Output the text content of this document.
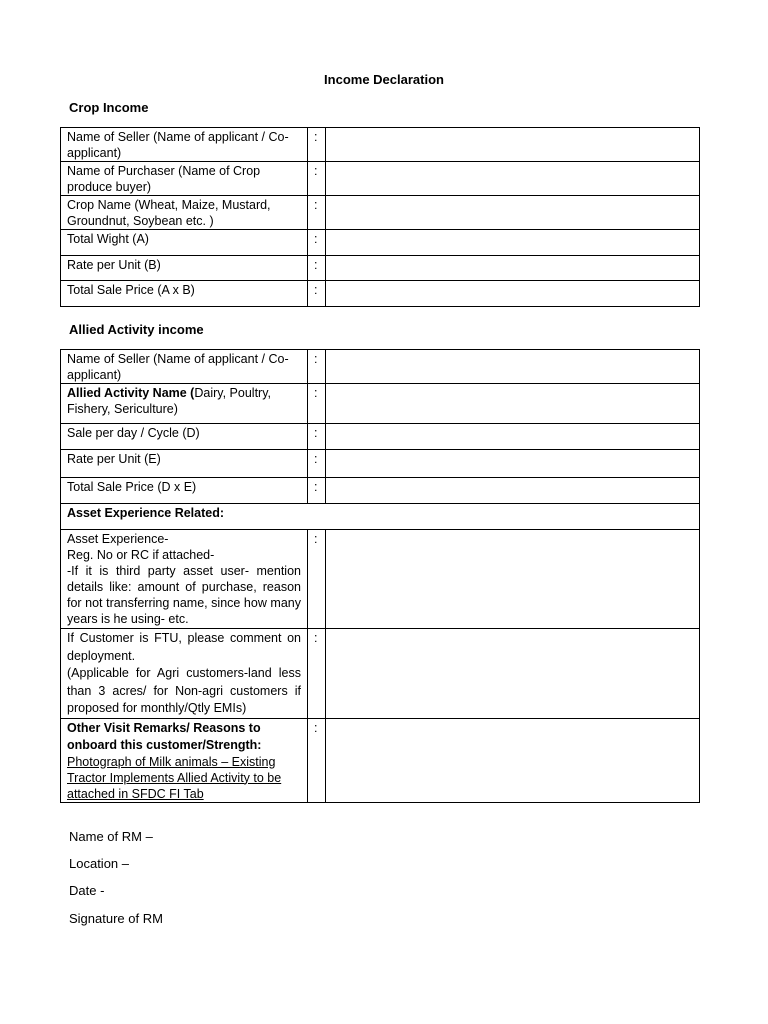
Income Declaration
Crop Income
Name of Seller (Name of applicant / Co-applicant)	:	
Name of Purchaser (Name of Crop produce buyer)	:	
Crop Name (Wheat, Maize, Mustard, Groundnut, Soybean etc. )	:	
Total Wight (A)	:	
Rate per Unit (B)	:	
Total Sale Price (A x B)	:	
Allied Activity income
Name of Seller (Name of applicant / Co-applicant)	:	
Allied Activity Name (Dairy, Poultry, Fishery, Sericulture)	:	
Sale per day / Cycle (D)	:	
Rate per Unit (E)	:	
Total Sale Price (D x E)	:	
Asset Experience Related:		

Asset Experience-
Reg. No or RC if attached-
-If it is third party asset user- mention details like: amount of purchase, reason for not transferring name, since how many years is he using- etc.	:	

If Customer is FTU, please comment on deployment.
(Applicable for Agri customers-land less than 3 acres/ for Non-agri customers if proposed for monthly/Qtly EMIs)	:	

Other Visit Remarks/ Reasons to onboard this customer/Strength:
Photograph of Milk animals – Existing Tractor Implements Allied Activity to be attached in SFDC FI Tab	:	
Name of RM –
Location –
Date -
Signature of RM
